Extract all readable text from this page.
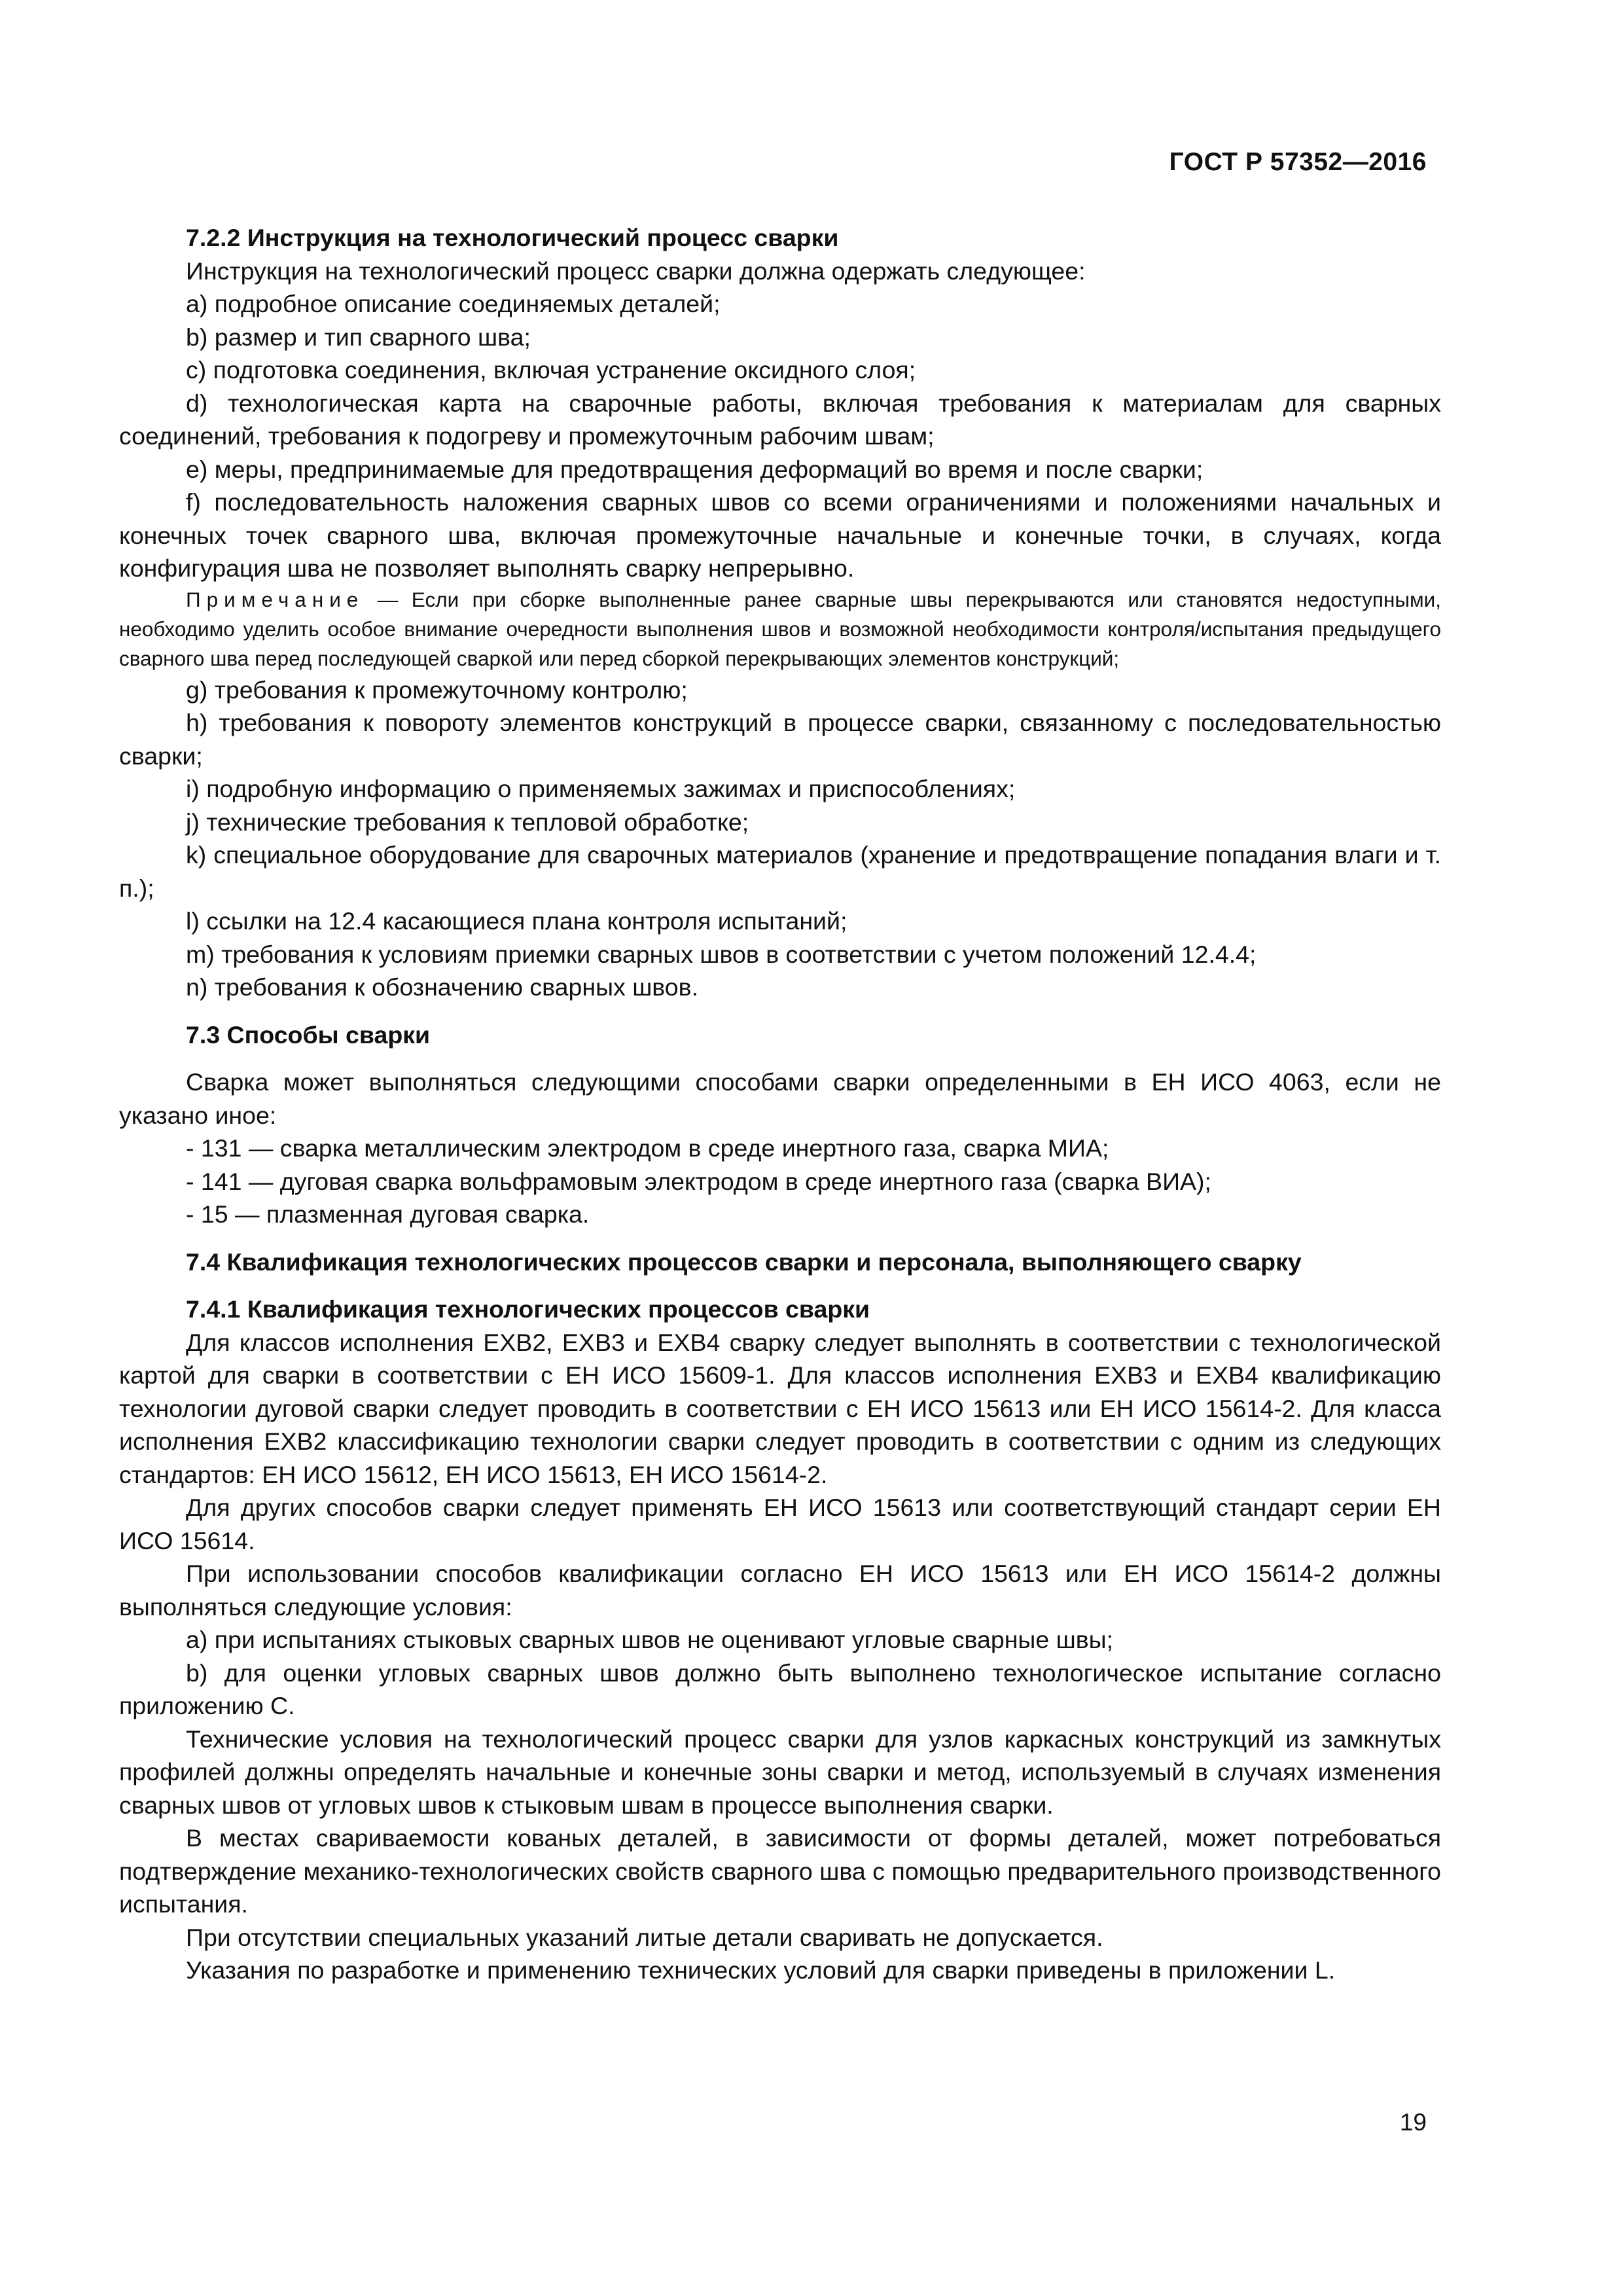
ГОСТ Р 57352—2016

7.2.2 Инструкция на технологический процесс сварки

Инструкция на технологический процесс сварки должна одержать следующее:

a) подробное описание соединяемых деталей;

b) размер и тип сварного шва;

c) подготовка соединения, включая устранение оксидного слоя;

d) технологическая карта на сварочные работы, включая требования к материалам для сварных соединений, требования к подогреву и промежуточным рабочим швам;

e) меры, предпринимаемые для предотвращения деформаций во время и после сварки;

f) последовательность наложения сварных швов со всеми ограничениями и положениями начальных и конечных точек сварного шва, включая промежуточные начальные и конечные точки, в случаях, когда конфигурация шва не позволяет выполнять сварку непрерывно.

Примечание — Если при сборке выполненные ранее сварные швы перекрываются или становятся недоступными, необходимо уделить особое внимание очередности выполнения швов и возможной необходимости контроля/испытания предыдущего сварного шва перед последующей сваркой или перед сборкой перекрывающих элементов конструкций;

g) требования к промежуточному контролю;

h) требования к повороту элементов конструкций в процессе сварки, связанному с последовательностью сварки;

i) подробную информацию о применяемых зажимах и приспособлениях;

j) технические требования к тепловой обработке;

k) специальное оборудование для сварочных материалов (хранение и предотвращение попадания влаги и т. п.);

l) ссылки на 12.4 касающиеся плана контроля испытаний;

m) требования к условиям приемки сварных швов в соответствии с учетом положений 12.4.4;

n) требования к обозначению сварных швов.

7.3 Способы сварки

Сварка может выполняться следующими способами сварки определенными в ЕН ИСО 4063, если не указано иное:

- 131 — сварка металлическим электродом в среде инертного газа, сварка МИА;

- 141 — дуговая сварка вольфрамовым электродом в среде инертного газа (сварка ВИА);

- 15 — плазменная дуговая сварка.

7.4 Квалификация технологических процессов сварки и персонала, выполняющего сварку

7.4.1 Квалификация технологических процессов сварки

Для классов исполнения EXB2, EXB3 и EXB4 сварку следует выполнять в соответствии с технологической картой для сварки в соответствии с ЕН ИСО 15609-1. Для классов исполнения EXB3 и EXB4 квалификацию технологии дуговой сварки следует проводить в соответствии с ЕН ИСО 15613 или ЕН ИСО 15614-2. Для класса исполнения EXB2 классификацию технологии сварки следует проводить в соответствии с одним из следующих стандартов: ЕН ИСО 15612, ЕН ИСО 15613, ЕН ИСО 15614-2.

Для других способов сварки следует применять ЕН ИСО 15613 или соответствующий стандарт серии ЕН ИСО 15614.

При использовании способов квалификации согласно ЕН ИСО 15613 или ЕН ИСО 15614-2 должны выполняться следующие условия:

a) при испытаниях стыковых сварных швов не оценивают угловые сварные швы;

b) для оценки угловых сварных швов должно быть выполнено технологическое испытание согласно приложению С.

Технические условия на технологический процесс сварки для узлов каркасных конструкций из замкнутых профилей должны определять начальные и конечные зоны сварки и метод, используемый в случаях изменения сварных швов от угловых швов к стыковым швам в процессе выполнения сварки.

В местах свариваемости кованых деталей, в зависимости от формы деталей, может потребоваться подтверждение механико-технологических свойств сварного шва с помощью предварительного производственного испытания.

При отсутствии специальных указаний литые детали сваривать не допускается.

Указания по разработке и применению технических условий для сварки приведены в приложении L.

19
